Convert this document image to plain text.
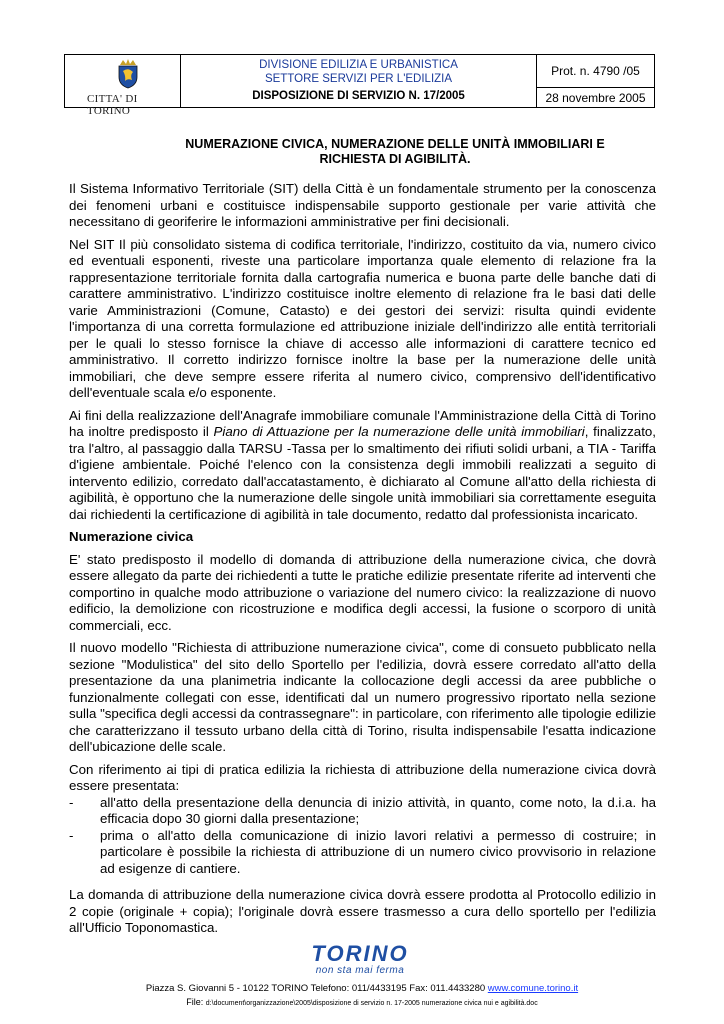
CITTA' DI TORINO
DIVISIONE EDILIZIA E URBANISTICA
SETTORE SERVIZI PER L'EDILIZIA
DISPOSIZIONE DI SERVIZIO N. 17/2005
Prot. n. 4790 /05
28 novembre 2005
NUMERAZIONE CIVICA, NUMERAZIONE DELLE UNITÀ IMMOBILIARI E
RICHIESTA DI AGIBILITÀ.

Il Sistema Informativo Territoriale (SIT) della Città è un fondamentale strumento per la conoscenza dei fenomeni urbani e costituisce indispensabile supporto gestionale per varie attività che necessitano di georiferire le informazioni amministrative per fini decisionali.

Nel SIT Il più consolidato sistema di codifica territoriale, l'indirizzo, costituito da via, numero civico ed eventuali esponenti, riveste una particolare importanza quale elemento di relazione fra la rappresentazione territoriale fornita dalla cartografia numerica e buona parte delle banche dati di carattere amministrativo. L'indirizzo costituisce inoltre elemento di relazione fra le basi dati delle varie Amministrazioni (Comune, Catasto) e dei gestori dei servizi: risulta quindi evidente l'importanza di una corretta formulazione ed attribuzione iniziale dell'indirizzo alle entità territoriali per le quali lo stesso fornisce la chiave di accesso alle informazioni di carattere tecnico ed amministrativo. Il corretto indirizzo fornisce inoltre la base per la numerazione delle unità immobiliari, che deve sempre essere riferita al numero civico, comprensivo dell'identificativo dell'eventuale scala e/o esponente.

Ai fini della realizzazione dell'Anagrafe immobiliare comunale l'Amministrazione della Città di Torino ha inoltre predisposto il Piano di Attuazione per la numerazione delle unità immobiliari, finalizzato, tra l'altro, al passaggio dalla TARSU -Tassa per lo smaltimento dei rifiuti solidi urbani, a TIA - Tariffa d'igiene ambientale. Poiché l'elenco con la consistenza degli immobili realizzati a seguito di intervento edilizio, corredato dall'accatastamento, è dichiarato al Comune all'atto della richiesta di agibilità, è opportuno che la numerazione delle singole unità immobiliari sia correttamente eseguita dai richiedenti la certificazione di agibilità in tale documento, redatto dal professionista incaricato.

Numerazione civica

E' stato predisposto il modello di domanda di attribuzione della numerazione civica, che dovrà essere allegato da parte dei richiedenti a tutte le pratiche edilizie presentate riferite ad interventi che comportino in qualche modo attribuzione o variazione del numero civico: la realizzazione di nuovo edificio, la demolizione con ricostruzione e modifica degli accessi, la fusione o scorporo di unità commerciali, ecc.

Il nuovo modello "Richiesta di attribuzione numerazione civica", come di consueto pubblicato nella sezione "Modulistica" del sito dello Sportello per l'edilizia, dovrà essere corredato all'atto della presentazione da una planimetria indicante la collocazione degli accessi da aree pubbliche o funzionalmente collegati con esse, identificati dal un numero progressivo riportato nella sezione sulla "specifica degli accessi da contrassegnare": in particolare, con riferimento alle tipologie edilizie che caratterizzano il tessuto urbano della città di Torino, risulta indispensabile l'esatta indicazione dell'ubicazione delle scale.

Con riferimento ai tipi di pratica edilizia la richiesta di attribuzione della numerazione civica dovrà essere presentata:

-	all'atto della presentazione della denuncia di inizio attività, in quanto, come noto, la d.i.a. ha efficacia dopo 30 giorni dalla presentazione;
-	prima o all'atto della comunicazione di inizio lavori relativi a permesso di costruire; in particolare è possibile la richiesta di attribuzione di un numero civico provvisorio in relazione ad esigenze di cantiere.

La domanda di attribuzione della numerazione civica dovrà essere prodotta al Protocollo edilizio in 2 copie (originale + copia); l'originale dovrà essere trasmesso a cura dello sportello per l'edilizia all'Ufficio Toponomastica.

TORINO
non sta mai ferma
Piazza S. Giovanni 5 - 10122 TORINO Telefono: 011/4433195 Fax: 011.4433280 www.comune.torino.it
File: d:\document\organizzazione\2005\disposizione di servizio n. 17-2005 numerazione civica nui e agibilità.doc
